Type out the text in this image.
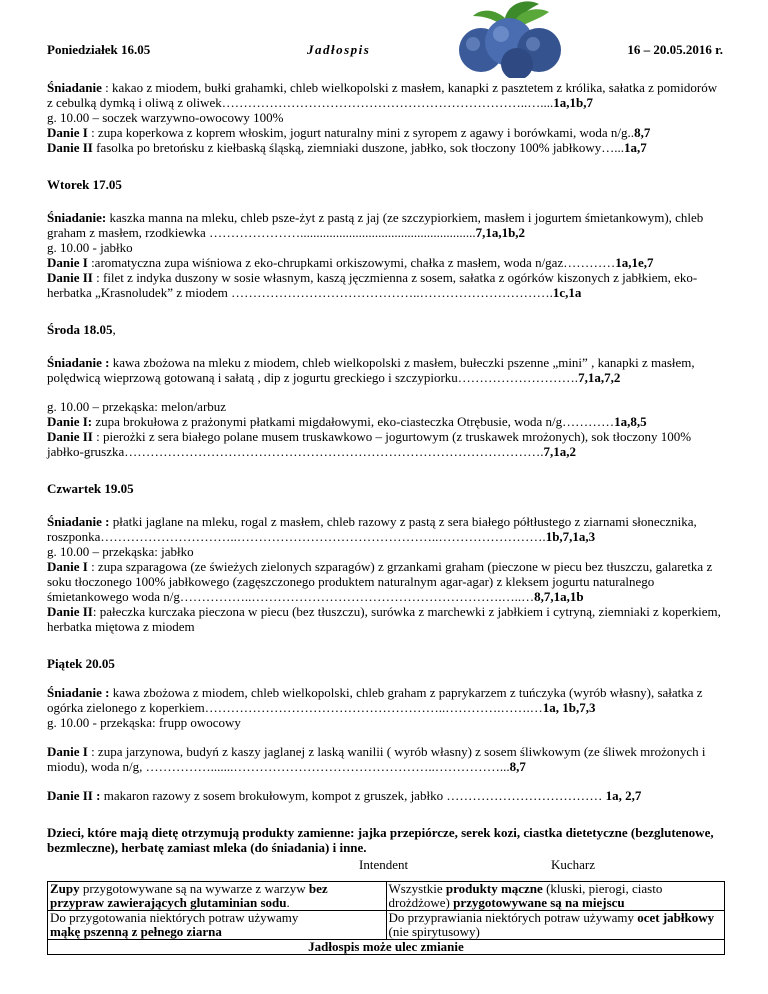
Poniedziałek 16.05	Jadłospis	16 – 20.05.2016 r.

Śniadanie : kakao z miodem, bułki grahamki, chleb wielkopolski z masłem, kanapki z pasztetem z królika, sałatka z pomidorów z cebulką dymką i oliwą z oliwek……………………………………………………………..…....1a,1b,7

g. 10.00 – soczek warzywno-owocowy 100%

Danie I : zupa koperkowa z koprem włoskim, jogurt naturalny mini z syropem z agawy i borówkami, woda n/g..8,7

Danie II fasolka po bretońsku z kiełbaską śląską, ziemniaki duszone, jabłko, sok tłoczony 100% jabłkowy…...1a,7

Wtorek 17.05

Śniadanie: kaszka manna na mleku, chleb psze-żyt z pastą z jaj (ze szczypiorkiem, masłem i jogurtem śmietankowym), chleb graham z masłem, rzodkiewka …………………......................................................7,1a,1b,2

g. 10.00 - jabłko

Danie I :aromatyczna zupa wiśniowa z eko-chrupkami orkiszowymi, chałka z masłem, woda n/gaz…………1a,1e,7

Danie II : filet z indyka duszony w sosie własnym, kaszą jęczmienna z sosem, sałatka z ogórków kiszonych z jabłkiem, eko-herbatka „Krasnoludek” z miodem ……………………………………..………………………….1c,1a

Środa 18.05,

Śniadanie : kawa zbożowa na mleku z miodem, chleb wielkopolski z masłem, bułeczki pszenne „mini” , kanapki z masłem, polędwicą wieprzową gotowaną i sałatą , dip z jogurtu greckiego i szczypiorku……………………….7,1a,7,2

g. 10.00 – przekąska: melon/arbuz

Danie I: zupa brokułowa z prażonymi płatkami migdałowymi, eko-ciasteczka Otrębusie, woda n/g…………1a,8,5

Danie II : pierożki z sera białego polane musem truskawkowo – jogurtowym (z truskawek mrożonych), sok tłoczony 100% jabłko-gruszka…………………………………………………………………………………….7,1a,2

Czwartek 19.05

Śniadanie : płatki jaglane na mleku, rogal z masłem, chleb razowy z pastą z sera białego półtłustego z ziarnami słonecznika, roszponka…………………………..………………………………………..…………………….1b,7,1a,3

g. 10.00 – przekąska: jabłko

Danie I : zupa szparagowa (ze świeżych zielonych szparagów) z grzankami graham (pieczone w piecu bez tłuszczu, galaretka z soku tłoczonego 100% jabłkowego (zagęszczonego produktem naturalnym agar-agar) z kleksem jogurtu naturalnego śmietankowego woda n/g……………..………………………………………………….…..…8,7,1a,1b

Danie II: pałeczka kurczaka pieczona w piecu (bez tłuszczu), surówka z marchewki z jabłkiem i cytryną, ziemniaki z koperkiem, herbatka miętowa z miodem

Piątek 20.05

Śniadanie : kawa zbożowa z miodem, chleb wielkopolski, chleb graham z paprykarzem z tuńczyka (wyrób własny), sałatka z ogórka zielonego z koperkiem………………………………………………..………….…….…1a, 1b,7,3

g. 10.00 - przekąska: frupp owocowy

Danie I : zupa jarzynowa, budyń z kaszy jaglanej z laską wanilii ( wyrób własny) z sosem śliwkowym (ze śliwek mrożonych i miodu), woda n/g, …………….......………………………………………..……………...8,7

Danie II : makaron razowy z sosem brokułowym, kompot z gruszek, jabłko ……………………………… 1a, 2,7

Dzieci, które mają dietę otrzymują produkty zamienne: jajka przepiórcze, serek kozi, ciastka dietetyczne (bezglutenowe, bezmleczne), herbatę zamiast mleka (do śniadania) i inne.

Intendent	Kucharz
Zupy przygotowywane są na wywarze z warzyw bez przypraw zawierających glutaminian sodu.	Wszystkie produkty mączne (kluski, pierogi, ciasto drożdżowe) przygotowywane są na miejscu
Do przygotowania niektórych potraw używamy
mąkę pszenną z pełnego ziarna	Do przyprawiania niektórych potraw używamy ocet jabłkowy (nie spirytusowy)
Jadłospis może ulec zmianie	
